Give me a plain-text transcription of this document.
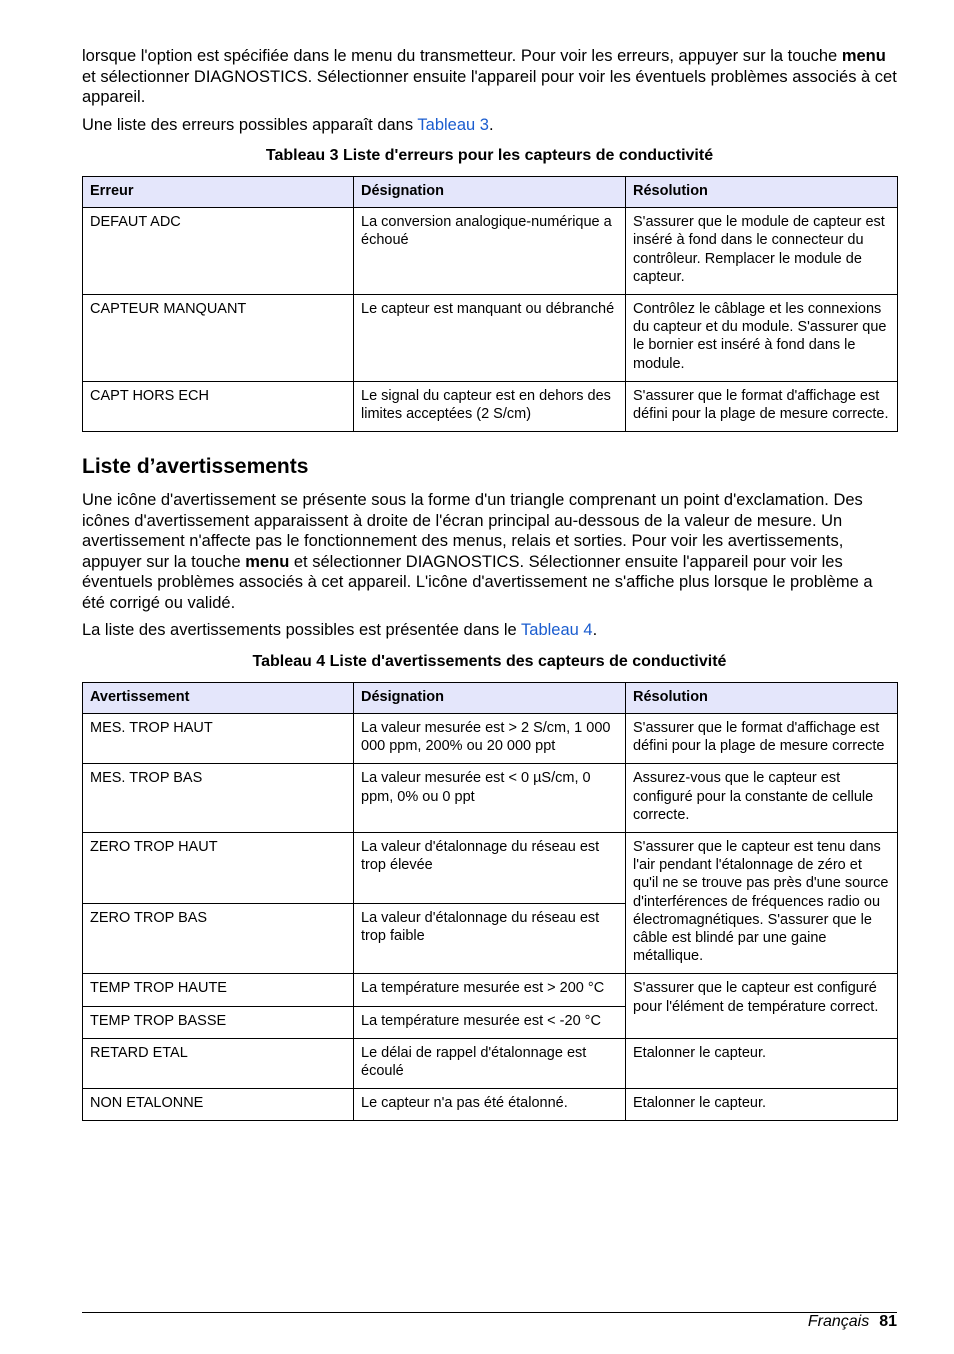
lorsque l'option est spécifiée dans le menu du transmetteur. Pour voir les erreurs, appuyer sur la touche menu et sélectionner DIAGNOSTICS. Sélectionner ensuite l'appareil pour voir les éventuels problèmes associés à cet appareil.

Une liste des erreurs possibles apparaît dans Tableau 3.

Tableau 3 Liste d'erreurs pour les capteurs de conductivité
Erreur	Désignation	Résolution
DEFAUT ADC	La conversion analogique-numérique a échoué	S'assurer que le module de capteur est inséré à fond dans le connecteur du contrôleur. Remplacer le module de capteur.
CAPTEUR MANQUANT	Le capteur est manquant ou débranché	Contrôlez le câblage et les connexions du capteur et du module. S'assurer que le bornier est inséré à fond dans le module.
CAPT HORS ECH	Le signal du capteur est en dehors des limites acceptées (2 S/cm)	S'assurer que le format d'affichage est défini pour la plage de mesure correcte.
Liste d’avertissements

Une icône d'avertissement se présente sous la forme d'un triangle comprenant un point d'exclamation. Des icônes d'avertissement apparaissent à droite de l'écran principal au-dessous de la valeur de mesure. Un avertissement n'affecte pas le fonctionnement des menus, relais et sorties. Pour voir les avertissements, appuyer sur la touche menu et sélectionner DIAGNOSTICS. Sélectionner ensuite l'appareil pour voir les éventuels problèmes associés à cet appareil. L'icône d'avertissement ne s'affiche plus lorsque le problème a été corrigé ou validé.

La liste des avertissements possibles est présentée dans le Tableau 4.

Tableau 4 Liste d'avertissements des capteurs de conductivité
Avertissement	Désignation	Résolution
MES. TROP HAUT	La valeur mesurée est > 2 S/cm, 1 000 000 ppm, 200% ou 20 000 ppt	S'assurer que le format d'affichage est défini pour la plage de mesure correcte
MES. TROP BAS	La valeur mesurée est < 0 µS/cm, 0 ppm, 0% ou 0 ppt	Assurez-vous que le capteur est configuré pour la constante de cellule correcte.
ZERO TROP HAUT	La valeur d'étalonnage du réseau est trop élevée	S'assurer que le capteur est tenu dans l'air pendant l'étalonnage de zéro et qu'il ne se trouve pas près d'une source d'interférences de fréquences radio ou électromagnétiques. S'assurer que le câble est blindé par une gaine métallique.
ZERO TROP BAS	La valeur d'étalonnage du réseau est trop faible	
TEMP TROP HAUTE	La température mesurée est > 200 °C	S'assurer que le capteur est configuré pour l'élément de température correct.
TEMP TROP BASSE	La température mesurée est < -20 °C	
RETARD ETAL	Le délai de rappel d'étalonnage est écoulé	Etalonner le capteur.
NON ETALONNE	Le capteur n'a pas été étalonné.	Etalonner le capteur.
Français 81
